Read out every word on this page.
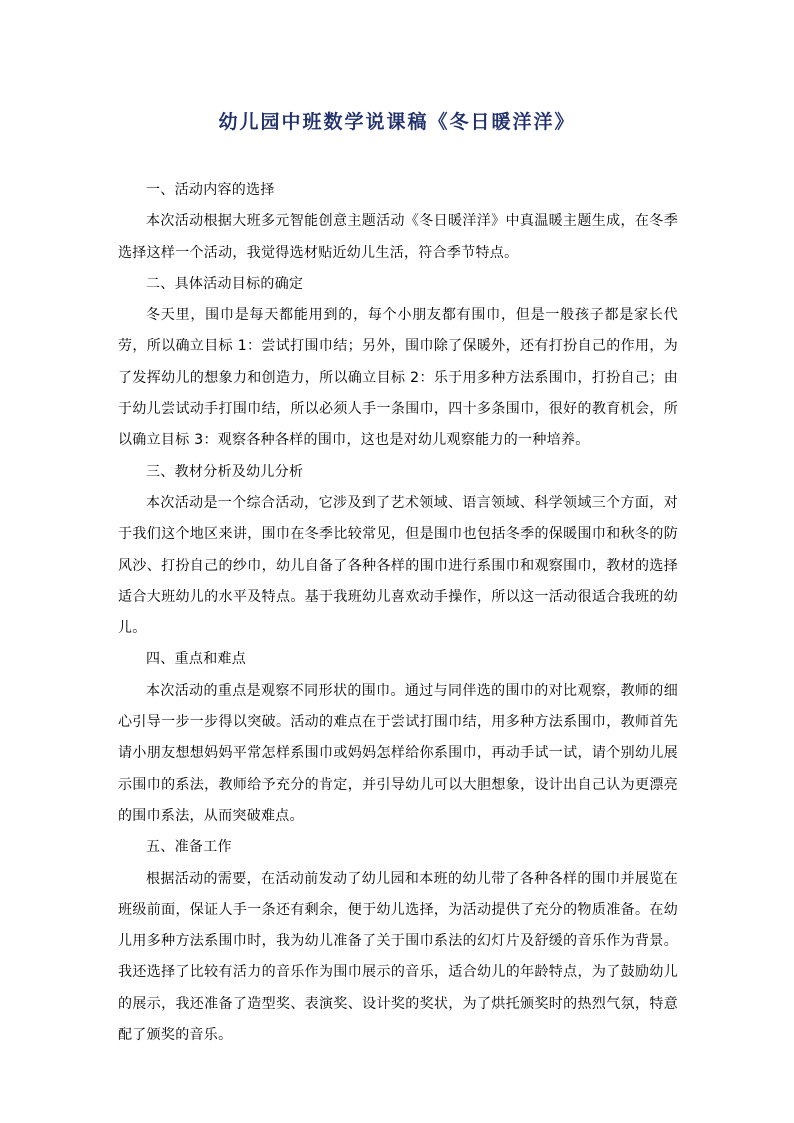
幼儿园中班数学说课稿《冬日暖洋洋》

一、活动内容的选择

本次活动根据大班多元智能创意主题活动《冬日暖洋洋》中真温暖主题生成，在冬季选择这样一个活动，我觉得选材贴近幼儿生活，符合季节特点。

二、具体活动目标的确定

冬天里，围巾是每天都能用到的，每个小朋友都有围巾，但是一般孩子都是家长代劳，所以确立目标 1：尝试打围巾结；另外，围巾除了保暖外，还有打扮自己的作用，为了发挥幼儿的想象力和创造力，所以确立目标 2：乐于用多种方法系围巾，打扮自己；由于幼儿尝试动手打围巾结，所以必须人手一条围巾，四十多条围巾，很好的教育机会，所以确立目标 3：观察各种各样的围巾，这也是对幼儿观察能力的一种培养。

三、教材分析及幼儿分析

本次活动是一个综合活动，它涉及到了艺术领域、语言领域、科学领域三个方面，对于我们这个地区来讲，围巾在冬季比较常见，但是围巾也包括冬季的保暖围巾和秋冬的防风沙、打扮自己的纱巾，幼儿自备了各种各样的围巾进行系围巾和观察围巾，教材的选择适合大班幼儿的水平及特点。基于我班幼儿喜欢动手操作，所以这一活动很适合我班的幼儿。

四、重点和难点

本次活动的重点是观察不同形状的围巾。通过与同伴选的围巾的对比观察，教师的细心引导一步一步得以突破。活动的难点在于尝试打围巾结，用多种方法系围巾，教师首先请小朋友想想妈妈平常怎样系围巾或妈妈怎样给你系围巾，再动手试一试，请个别幼儿展示围巾的系法，教师给予充分的肯定，并引导幼儿可以大胆想象，设计出自己认为更漂亮的围巾系法，从而突破难点。

五、准备工作

根据活动的需要，在活动前发动了幼儿园和本班的幼儿带了各种各样的围巾并展览在班级前面，保证人手一条还有剩余，便于幼儿选择，为活动提供了充分的物质准备。在幼儿用多种方法系围巾时，我为幼儿准备了关于围巾系法的幻灯片及舒缓的音乐作为背景。我还选择了比较有活力的音乐作为围巾展示的音乐，适合幼儿的年龄特点，为了鼓励幼儿的展示，我还准备了造型奖、表演奖、设计奖的奖状，为了烘托颁奖时的热烈气氛，特意配了颁奖的音乐。
